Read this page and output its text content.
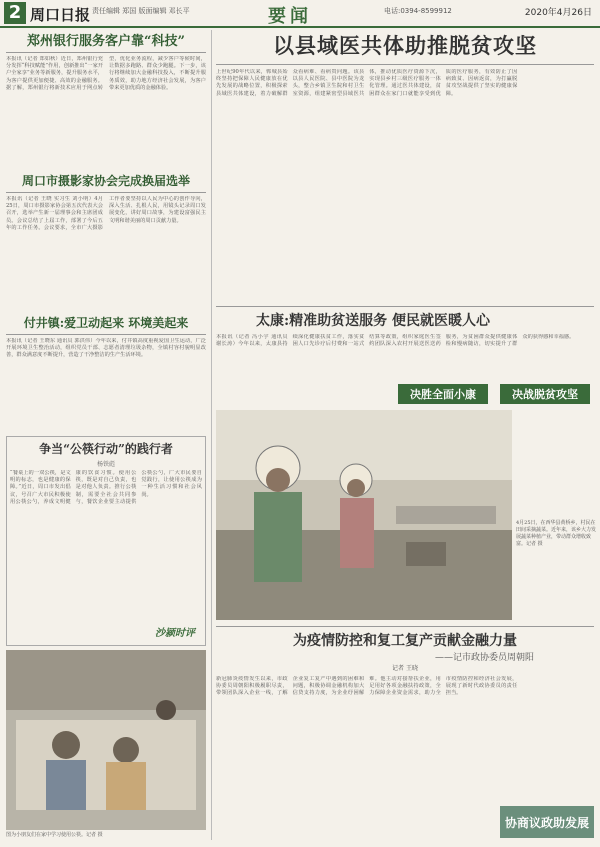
2 周口日报 责任编辑 郑国 版面编辑 邓长平	要闻	电话:0394-8599912	2020年4月26日
郑州银行服务客户靠“科技”

本报讯（记者 郑如秋）近日，郑州银行充分发挥“科技赋能”作用，创新推出“一家开户全家享”业务等新服务，提升服务水平，为客户提供更加便捷、高效的金融服务。据了解，郑州银行将新技术应用于网点转型，优化业务流程，减少客户等候时间，让数据多跑路、群众少跑腿。下一步，该行将继续加大金融科技投入，不断提升服务质效，助力地方经济社会发展，为客户带来更加优质的金融体验。

周口市摄影家协会完成换届选举

本报讯（记者 王晓 实习生 刘小明）4月25日，周口市摄影家协会第五次代表大会召开，选举产生新一届理事会和主席团成员。会议总结了上届工作，部署了今后五年的工作任务。会议要求，全市广大摄影工作者要坚持以人民为中心的创作导向，深入生活、扎根人民，用镜头记录周口发展变化，讲好周口故事，为建设富强民主文明和谐美丽的周口贡献力量。

付井镇:爱卫动起来 环境美起来

本报讯（记者 王晓东 通讯员 郭洪伟）今年以来，付井镇高度重视爱国卫生运动，广泛开展环境卫生整治活动，组织党员干部、志愿者清理垃圾杂物，全镇村容村貌明显改善，群众满意度不断提升，营造了干净整洁的生产生活环境。

争当“公筷行动”的践行者
杨铁彪

“餐桌上的一双公筷，是文明的标志，也是健康的保障。”近日，周口市发出倡议，号召广大市民积极使用公筷公勺，养成文明健康的饮食习惯。使用公筷，既是对自己负责，也是对他人负责。推行公筷制，需要全社会共同参与，餐饮企业要主动提供公筷公勺，广大市民要自觉践行，让使用公筷成为一种生活习惯和社会风尚。

沙颍时评
图为小朋友们在家中学习使用公筷。记者 摄
以县域医共体助推脱贫攻坚

上世纪90年代以来，郸城县始终坚持把保障人民健康放在优先发展的战略位置，积极探索县域医共体建设，着力破解群众看病难、看病贵问题。该县以县人民医院、县中医院为龙头，整合乡镇卫生院和村卫生室资源，组建紧密型县域医共体，推动优质医疗资源下沉，实现县乡村三级医疗服务一体化管理。通过医共体建设，贫困群众在家门口就能享受到优质的医疗服务，有效防止了因病致贫、因病返贫，为打赢脱贫攻坚战提供了坚实的健康保障。

太康:精准助贫送服务 便民就医暖人心

本报讯（记者 冯小宇 通讯员 谢长涛）今年以来，太康县持续深化健康扶贫工作，落实贫困人口先诊疗后付费和一站式结算等政策，组织家庭医生签约团队深入农村开展送医送药服务，为贫困群众提供健康体检和慢病随访，切实提升了群众的获得感和幸福感。

决胜全面小康	决战脱贫攻坚
4月25日，在西华县黄桥乡，村民在田间采摘蔬菜。近年来，该乡大力发展蔬菜种植产业，带动群众增收致富。记者 摄
为疫情防控和复工复产贡献金融力量
——记市政协委员周朝阳
记者 王晓

新冠肺炎疫情发生以来，市政协委员周朝阳积极履职尽责，带领团队深入企业一线，了解企业复工复产中遇到的困难和问题，积极协调金融机构加大信贷支持力度，为企业纾困解难。他主动对接帮扶企业，用足用好各项金融扶持政策，全力保障企业资金需求，助力全市疫情防控和经济社会发展，展现了新时代政协委员的责任担当。

协商议政助发展
